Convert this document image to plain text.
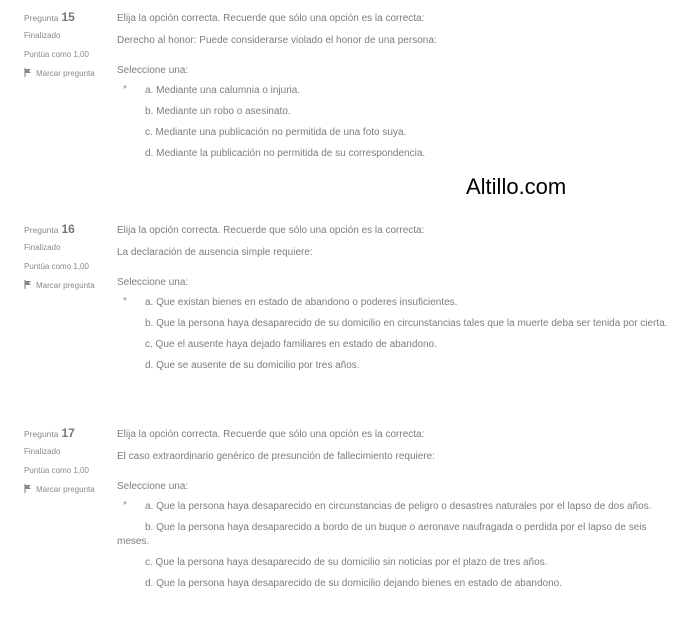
Pregunta 15
Finalizado
Puntúa como 1,00
Marcar pregunta

Elija la opción correcta. Recuerde que sólo una opción es la correcta:

Derecho al honor: Puede considerarse violado el honor de una persona:

Seleccione una:

*	a. Mediante una calumnia o injuria.
b. Mediante un robo o asesinato.
c. Mediante una publicación no permitida de una foto suya.
d. Mediante la publicación no permitida de su correspondencia.
Altillo.com
Pregunta 16
Finalizado
Puntúa como 1,00
Marcar pregunta

Elija la opción correcta. Recuerde que sólo una opción es la correcta:

La declaración de ausencia simple requiere:

Seleccione una:

*	a. Que existan bienes en estado de abandono o poderes insuficientes.
b. Que la persona haya desaparecido de su domicilio en circunstancias tales que la muerte deba ser tenida por cierta.
c. Que el ausente haya dejado familiares en estado de abandono.
d. Que se ausente de su domicilio por tres años.
Pregunta 17
Finalizado
Puntúa como 1,00
Marcar pregunta

Elija la opción correcta. Recuerde que sólo una opción es la correcta:

El caso extraordinario genérico de presunción de fallecimiento requiere:

Seleccione una:

*	a. Que la persona haya desaparecido en circunstancias de peligro o desastres naturales por el lapso de dos años.
b. Que la persona haya desaparecido a bordo de un buque o aeronave naufragada o perdida por el lapso de seis meses.
c. Que la persona haya desaparecido de su domicilio sin noticias por el plazo de tres años.
d. Que la persona haya desaparecido de su domicilio dejando bienes en estado de abandono.
